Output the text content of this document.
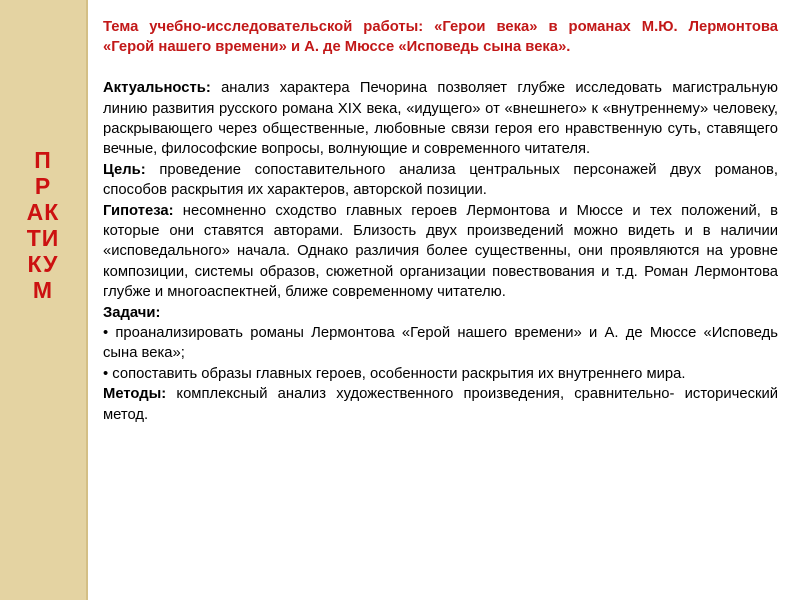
П
Р
АК
ТИ
КУ
М

Тема учебно-исследовательской работы: «Герои века» в романах М.Ю. Лермонтова «Герой нашего времени» и А. де Мюссе «Исповедь сына века».

Актуальность: анализ характера Печорина позволяет глубже исследовать магистральную линию развития русского романа XIX века, «идущего» от «внешнего» к «внутреннему» человеку, раскрывающего через общественные, любовные связи героя его нравственную суть, ставящего вечные, философские вопросы, волнующие и современного читателя.

Цель: проведение сопоставительного анализа центральных персонажей двух романов, способов раскрытия их характеров, авторской позиции.

Гипотеза: несомненно сходство главных героев Лермонтова и Мюссе и тех положений, в которые они ставятся авторами. Близость двух произведений можно видеть и в наличии «исповедального» начала. Однако различия более существенны, они проявляются на уровне композиции, системы образов, сюжетной организации повествования и т.д. Роман Лермонтова глубже и многоаспектней, ближе современному читателю.

Задачи:

• проанализировать романы Лермонтова «Герой нашего времени» и А. де Мюссе «Исповедь сына века»;

• сопоставить образы главных героев, особенности раскрытия их внутреннего мира.

Методы: комплексный анализ художественного произведения, сравнительно- исторический метод.
